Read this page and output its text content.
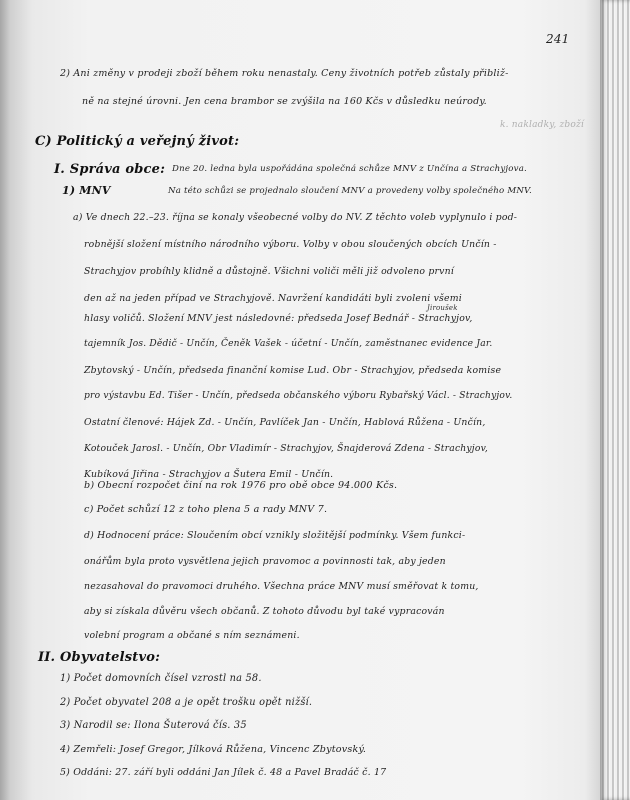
241
2) Ani změny v prodeji zboží během roku nenastaly. Ceny životních potřeb zůstaly přibliž-
ně na stejné úrovni. Jen cena brambor se zvýšila na 160 Kčs v důsledku neúrody.
k. nakladky, zboží
C) Politický a veřejný život:
I. Správa obce: Dne 20. ledna byla uspořádána společná schůze MNV z Unčína a Strachyjova.
1) MNV	Na této schůzi se projednalo sloučení MNV a provedeny volby společného MNV.
a) Ve dnech 22.–23. října se konaly všeobecné volby do NV. Z těchto voleb vyplynulo i pod-
robnější složení místního národního výboru. Volby v obou sloučených obcích Unčín -
Strachyjov probíhly klidně a důstojně. Všichni voliči měli již odvoleno první
den až na jeden případ ve Strachyjově. Navržení kandidáti byli zvoleni všemi
Jiroušek
hlasy voličů. Složení MNV jest následovné: předseda Josef Bednář - Strachyjov,
tajemník Jos. Dědič - Unčín, Čeněk Vašek - účetní - Unčín, zaměstnanec evidence Jar.
Zbytovský - Unčín, předseda finanční komise Lud. Obr - Strachyjov, předseda komise
pro výstavbu Ed. Tišer - Unčín, předseda občanského výboru Rybařský Václ. - Strachyjov.
Ostatní členové: Hájek Zd. - Unčín, Pavlíček Jan - Unčín, Hablová Růžena - Unčín,
Kotouček Jarosl. - Unčín, Obr Vladimír - Strachyjov, Šnajderová Zdena - Strachyjov,
Kubíková Jiřina - Strachyjov a Šutera Emil - Unčín.
b) Obecní rozpočet činí na rok 1976 pro obě obce 94.000 Kčs.
c) Počet schůzí 12 z toho plena 5 a rady MNV 7.
d) Hodnocení práce: Sloučením obcí vznikly složitější podmínky. Všem funkci-
onářům byla proto vysvětlena jejich pravomoc a povinnosti tak, aby jeden
nezasahoval do pravomoci druhého. Všechna práce MNV musí směřovat k tomu,
aby si získala důvěru všech občanů. Z tohoto důvodu byl také vypracován
volební program a občané s ním seznámeni.
II. Obyvatelstvo:
1) Počet domovních čísel vzrostl na 58.
2) Počet obyvatel 208 a je opět trošku opět nižší.
3) Narodil se: Ilona Šuterová čís. 35
4) Zemřeli: Josef Gregor, Jílková Růžena, Vincenc Zbytovský.
5) Oddáni: 27. září byli oddáni Jan Jílek č. 48 a Pavel Bradáč č. 17
